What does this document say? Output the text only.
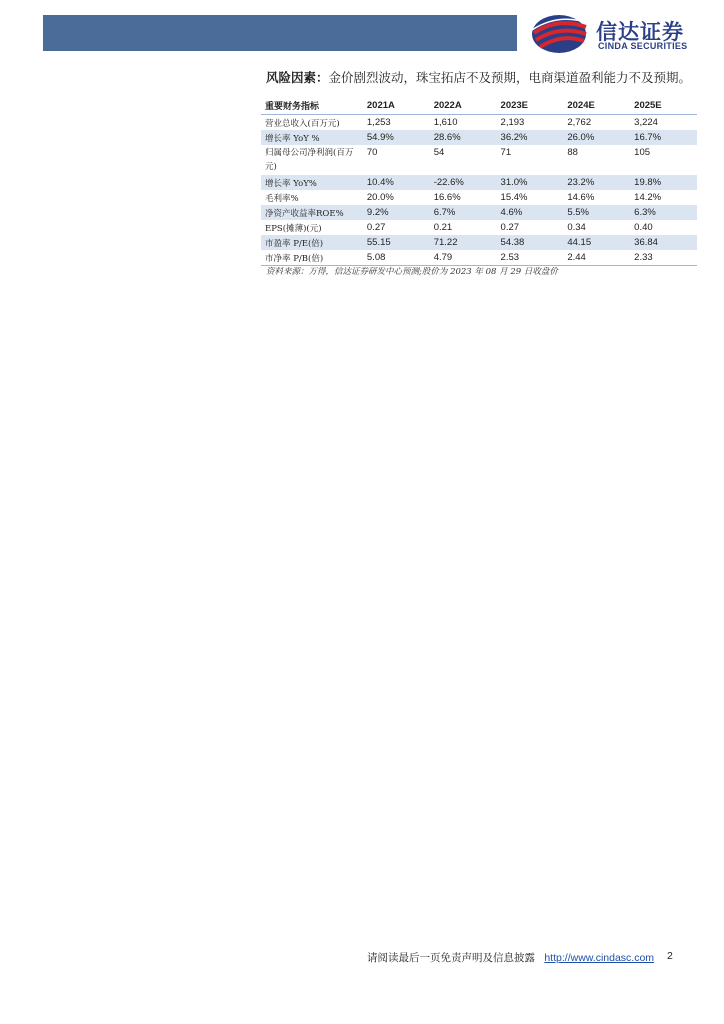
信达证券
CINDA SECURITIES
风险因素：金价剧烈波动，珠宝拓店不及预期，电商渠道盈利能力不及预期。
重要财务指标	2021A	2022A	2023E	2024E	2025E
营业总收入(百万元)	1,253	1,610	2,193	2,762	3,224
增长率 YoY %	54.9%	28.6%	36.2%	26.0%	16.7%
归属母公司净利润(百万元)	70	54	71	88	105
增长率 YoY%	10.4%	-22.6%	31.0%	23.2%	19.8%
毛利率%	20.0%	16.6%	15.4%	14.6%	14.2%
净资产收益率ROE%	9.2%	6.7%	4.6%	5.5%	6.3%
EPS(摊薄)(元)	0.27	0.21	0.27	0.34	0.40
市盈率 P/E(倍)	55.15	71.22	54.38	44.15	36.84
市净率 P/B(倍)	5.08	4.79	2.53	2.44	2.33
资料来源：万得，信达证券研发中心预测;股价为 2023 年 08 月 29 日收盘价
请阅读最后一页免责声明及信息披露 http://www.cindasc.com 2
